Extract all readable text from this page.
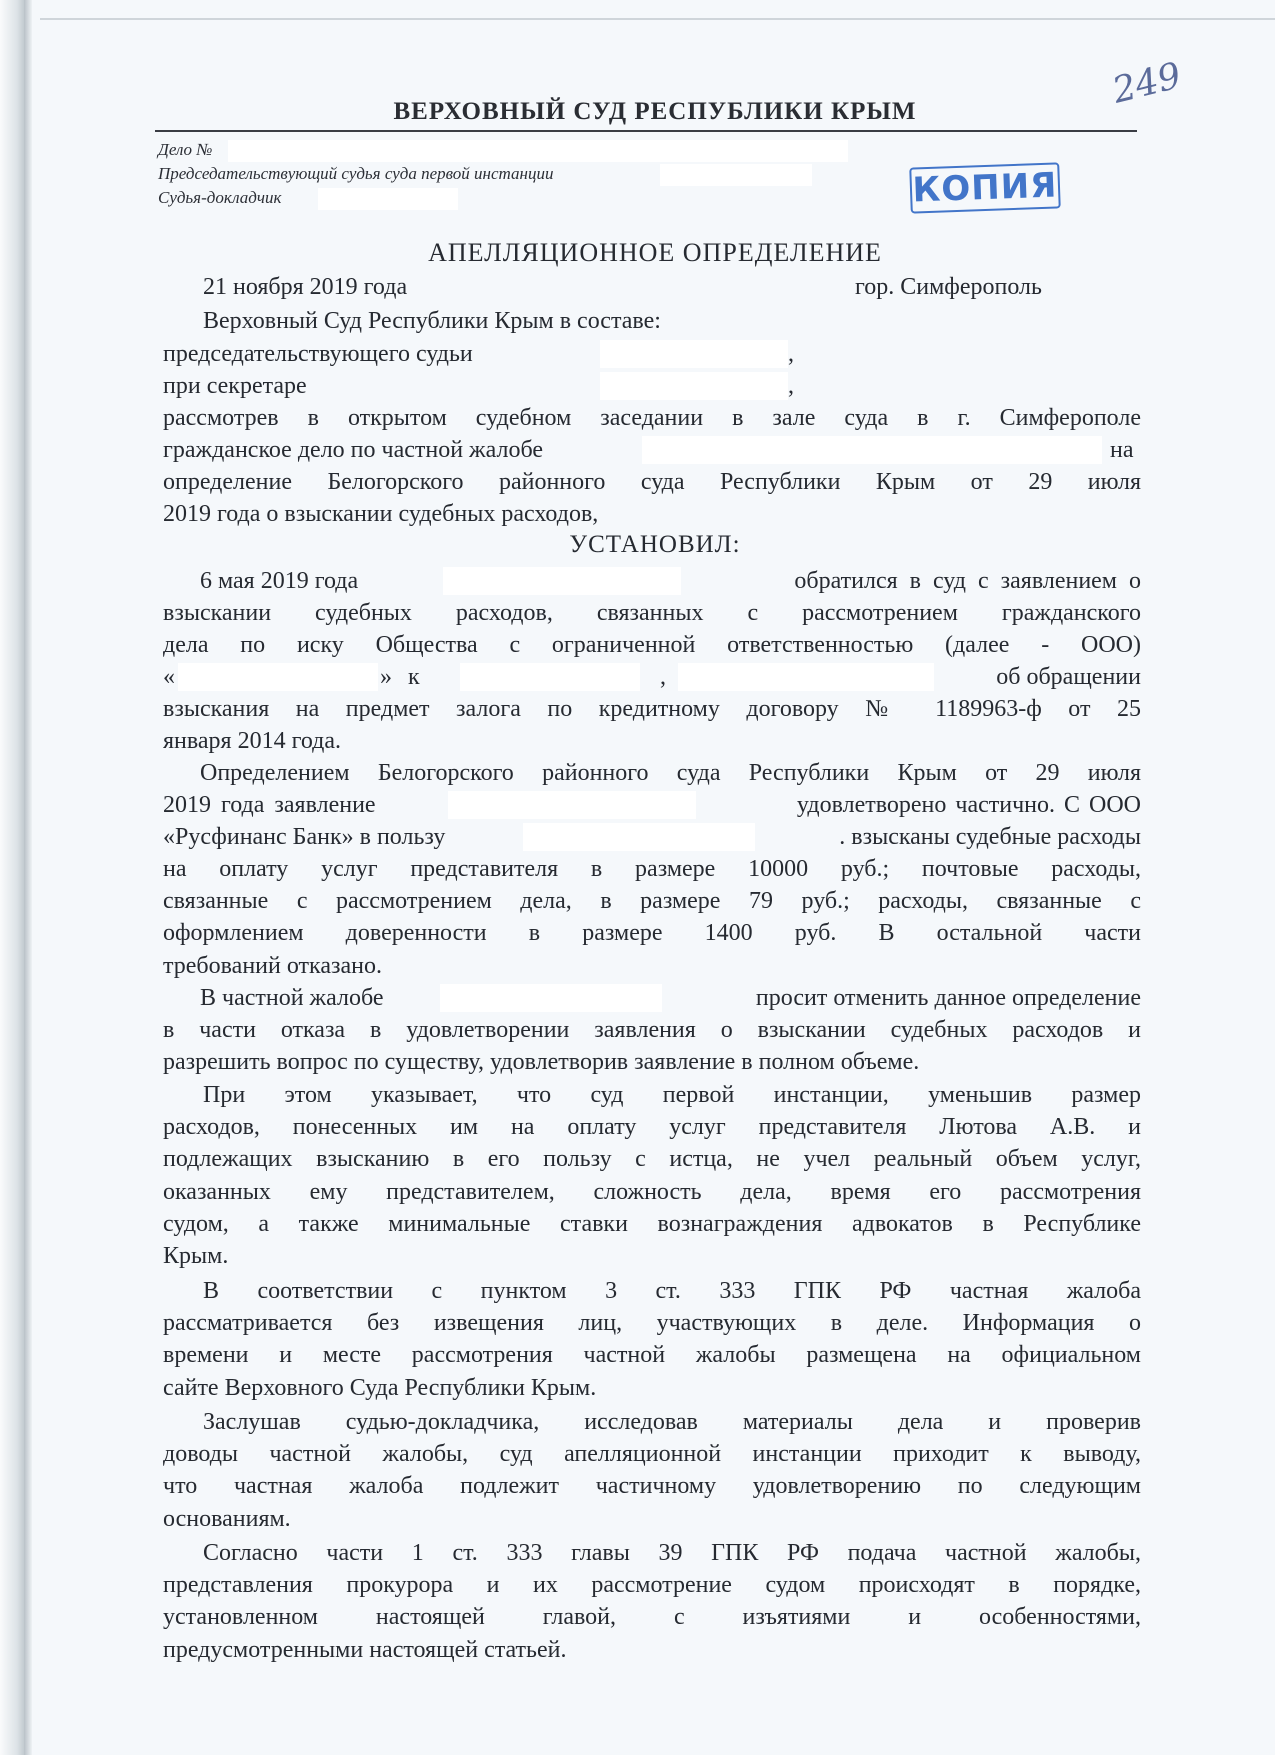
249
ВЕРХОВНЫЙ СУД РЕСПУБЛИКИ КРЫМ
Дело №
Председательствующий судья суда первой инстанции
Судья-докладчик	КОПИЯ
АПЕЛЛЯЦИОННОЕ ОПРЕДЕЛЕНИЕ
21 ноября 2019 года	гор. Симферополь
Верховный Суд Республики Крым в составе:
председательствующего судьи	,
при секретаре	,
рассмотрев в открытом судебном заседании в зале суда в г. Симферополе
гражданское дело по частной жалобе	на
определение Белогорского районного суда Республики Крым от 29 июля
2019 года о взыскании судебных расходов,
УСТАНОВИЛ:
6 мая 2019 года	обратился в суд с заявлением о
взыскании судебных расходов, связанных с рассмотрением гражданского
дела по иску Общества с ограниченной ответственностью (далее - ООО)
«	» к	,	об обращении
взыскания на предмет залога по кредитному договору № 1189963-ф от 25
января 2014 года.
Определением Белогорского районного суда Республики Крым от 29 июля
2019 года заявление	удовлетворено частично. С ООО
«Русфинанс Банк» в пользу	. взысканы судебные расходы
на оплату услуг представителя в размере 10000 руб.; почтовые расходы,
связанные с рассмотрением дела, в размере 79 руб.; расходы, связанные с
оформлением доверенности в размере 1400 руб. В остальной части
требований отказано.
В частной жалобе	просит отменить данное определение
в части отказа в удовлетворении заявления о взыскании судебных расходов и
разрешить вопрос по существу, удовлетворив заявление в полном объеме.
При этом указывает, что суд первой инстанции, уменьшив размер
расходов, понесенных им на оплату услуг представителя Лютова А.В. и
подлежащих взысканию в его пользу с истца, не учел реальный объем услуг,
оказанных ему представителем, сложность дела, время его рассмотрения
судом, а также минимальные ставки вознаграждения адвокатов в Республике
Крым.
В соответствии с пунктом 3 ст. 333 ГПК РФ частная жалоба
рассматривается без извещения лиц, участвующих в деле. Информация о
времени и месте рассмотрения частной жалобы размещена на официальном
сайте Верховного Суда Республики Крым.
Заслушав судью-докладчика, исследовав материалы дела и проверив
доводы частной жалобы, суд апелляционной инстанции приходит к выводу,
что частная жалоба подлежит частичному удовлетворению по следующим
основаниям.
Согласно части 1 ст. 333 главы 39 ГПК РФ подача частной жалобы,
представления прокурора и их рассмотрение судом происходят в порядке,
установленном настоящей главой, с изъятиями и особенностями,
предусмотренными настоящей статьей.
